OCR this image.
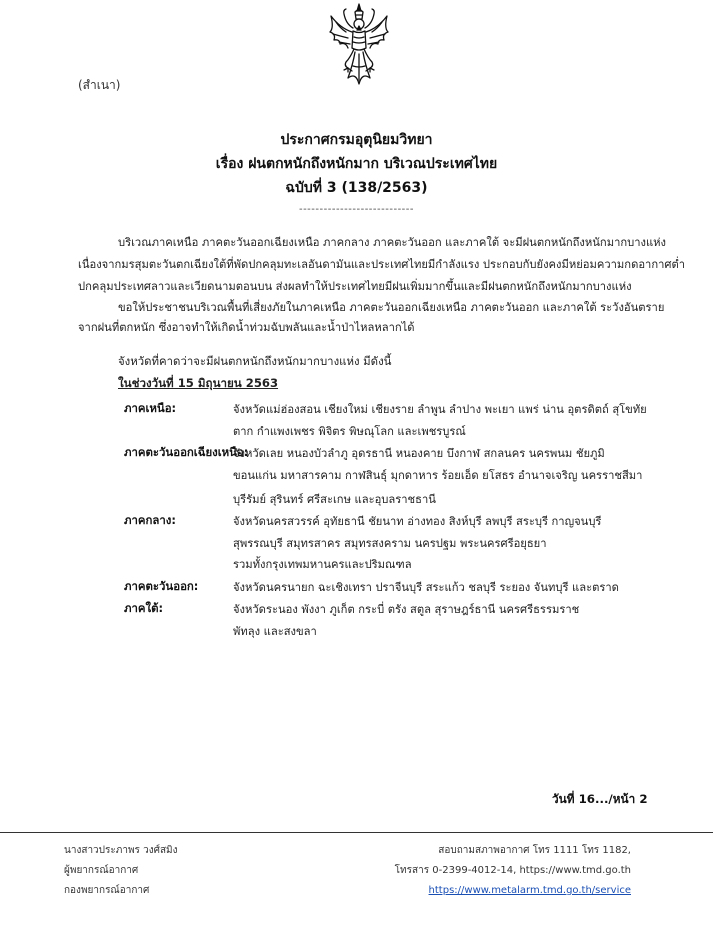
(สำเนา)
ประกาศกรมอุตุนิยมวิทยา
เรื่อง ฝนตกหนักถึงหนักมาก บริเวณประเทศไทย
ฉบับที่ 3 (138/2563)
----------------------------
บริเวณภาคเหนือ ภาคตะวันออกเฉียงเหนือ ภาคกลาง ภาคตะวันออก และภาคใต้ จะมีฝนตกหนักถึงหนักมากบางแห่ง
เนื่องจากมรสุมตะวันตกเฉียงใต้ที่พัดปกคลุมทะเลอันดามันและประเทศไทยมีกำลังแรง ประกอบกับยังคงมีหย่อมความกดอากาศต่ำ
ปกคลุมประเทศลาวและเวียดนามตอนบน ส่งผลทำให้ประเทศไทยมีฝนเพิ่มมากขึ้นและมีฝนตกหนักถึงหนักมากบางแห่ง
ขอให้ประชาชนบริเวณพื้นที่เสี่ยงภัยในภาคเหนือ ภาคตะวันออกเฉียงเหนือ ภาคตะวันออก และภาคใต้ ระวังอันตราย
จากฝนที่ตกหนัก ซึ่งอาจทำให้เกิดน้ำท่วมฉับพลันและน้ำป่าไหลหลากได้
จังหวัดที่คาดว่าจะมีฝนตกหนักถึงหนักมากบางแห่ง มีดังนี้
ในช่วงวันที่ 15 มิถุนายน 2563
ภาคเหนือ:	จังหวัดแม่ฮ่องสอน เชียงใหม่ เชียงราย ลำพูน ลำปาง พะเยา แพร่ น่าน อุตรดิตถ์ สุโขทัย
ตาก กำแพงเพชร พิจิตร พิษณุโลก และเพชรบูรณ์
ภาคตะวันออกเฉียงเหนือ:
จังหวัดเลย หนองบัวลำภู อุดรธานี หนองคาย บึงกาฬ สกลนคร นครพนม ชัยภูมิ
ขอนแก่น มหาสารคาม กาฬสินธุ์ มุกดาหาร ร้อยเอ็ด ยโสธร อำนาจเจริญ นครราชสีมา
บุรีรัมย์ สุรินทร์ ศรีสะเกษ และอุบลราชธานี
ภาคกลาง:	จังหวัดนครสวรรค์ อุทัยธานี ชัยนาท อ่างทอง สิงห์บุรี ลพบุรี สระบุรี กาญจนบุรี
สุพรรณบุรี สมุทรสาคร สมุทรสงคราม นครปฐม พระนครศรีอยุธยา
รวมทั้งกรุงเทพมหานครและปริมณฑล
ภาคตะวันออก:	จังหวัดนครนายก ฉะเชิงเทรา ปราจีนบุรี สระแก้ว ชลบุรี ระยอง จันทบุรี และตราด
ภาคใต้:	จังหวัดระนอง พังงา ภูเก็ต กระบี่ ตรัง สตูล สุราษฎร์ธานี นครศรีธรรมราช
พัทลุง และสงขลา
วันที่ 16.../หน้า 2
นางสาวประภาพร วงศ์สมิง
ผู้พยากรณ์อากาศ
กองพยากรณ์อากาศ
สอบถามสภาพอากาศ โทร 1111 โทร 1182,
โทรสาร 0-2399-4012-14, https://www.tmd.go.th
https://www.metalarm.tmd.go.th/service
